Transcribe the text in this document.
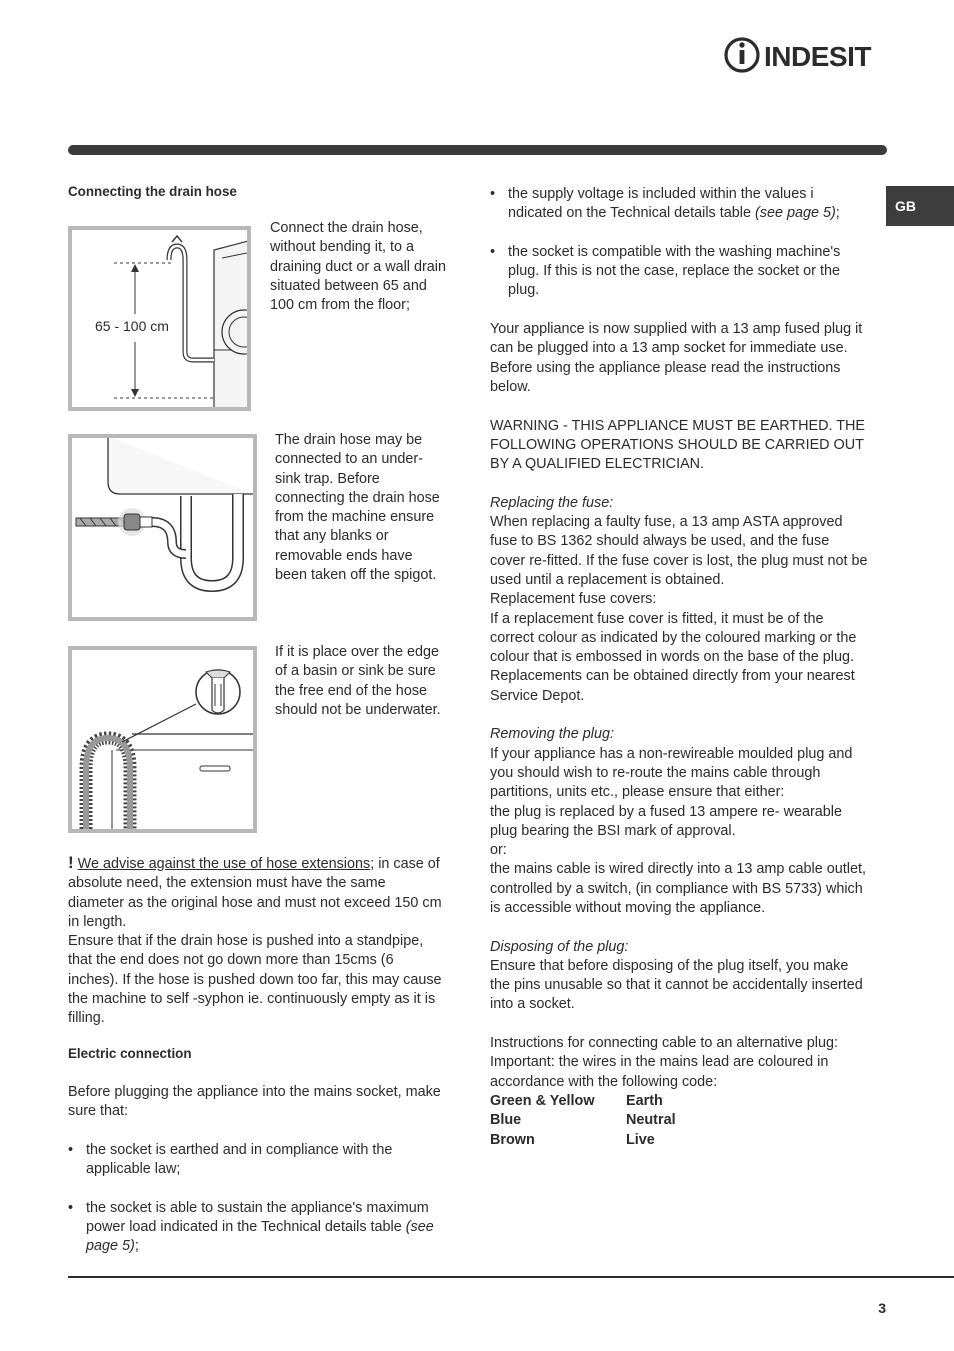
INDESIT
GB
Connecting the drain hose
65 - 100 cm

Connect the drain hose, without bending it, to a draining duct or a wall drain situated between 65 and 100 cm from the floor;

The drain hose may be connected to an under-sink trap. Before connecting the drain hose from the machine ensure that any blanks or removable ends have been taken off the spigot.

If it is place over the edge of a basin or sink be sure the free end of the hose should not be underwater.

! We advise against the use of hose extensions; in case of absolute need, the extension must have the same diameter as the original hose and must not exceed 150 cm in length.

Ensure that if the drain hose is pushed into a standpipe, that the end does not go down more than 15cms (6 inches). If the hose is pushed down too far, this may cause the machine to self -syphon ie. continuously empty as it is filling.

Electric connection

Before plugging the appliance into the mains socket, make sure that:

• the socket is earthed and in compliance with the applicable law;
• the socket is able to sustain the appliance's maximum power load indicated in the Technical details table (see page 5);
• the supply voltage is included within the values i ndicated on the Technical details table (see page 5);
• the socket is compatible with the washing machine's plug. If this is not the case, replace the socket or the plug.

Your appliance is now supplied with a 13 amp fused plug it can be plugged into a 13 amp socket for immediate use. Before using the appliance please read the instructions below.

WARNING - THIS APPLIANCE MUST BE EARTHED. THE FOLLOWING OPERATIONS SHOULD BE CARRIED OUT BY A QUALIFIED ELECTRICIAN.

Replacing the fuse:

When replacing a faulty fuse, a 13 amp ASTA approved fuse to BS 1362 should always be used, and the fuse cover re-fitted. If the fuse cover is lost, the plug must not be used until a replacement is obtained.

Replacement fuse covers:

If a replacement fuse cover is fitted, it must be of the correct colour as indicated by the coloured marking or the colour that is embossed in words on the base of the plug. Replacements can be obtained directly from your nearest Service Depot.

Removing the plug:

If your appliance has a non-rewireable moulded plug and you should wish to re-route the mains cable through partitions, units etc., please ensure that either:

the plug is replaced by a fused 13 ampere re- wearable plug bearing the BSI mark of approval.

or:

the mains cable is wired directly into a 13 amp cable outlet, controlled by a switch, (in compliance with BS 5733) which is accessible without moving the appliance.

Disposing of the plug:

Ensure that before disposing of the plug itself, you make the pins unusable so that it cannot be accidentally inserted into a socket.

Instructions for connecting cable to an alternative plug:

Important: the wires in the mains lead are coloured in accordance with the following code:

Green & Yellow	Earth
Blue	Neutral
Brown	Live
3
